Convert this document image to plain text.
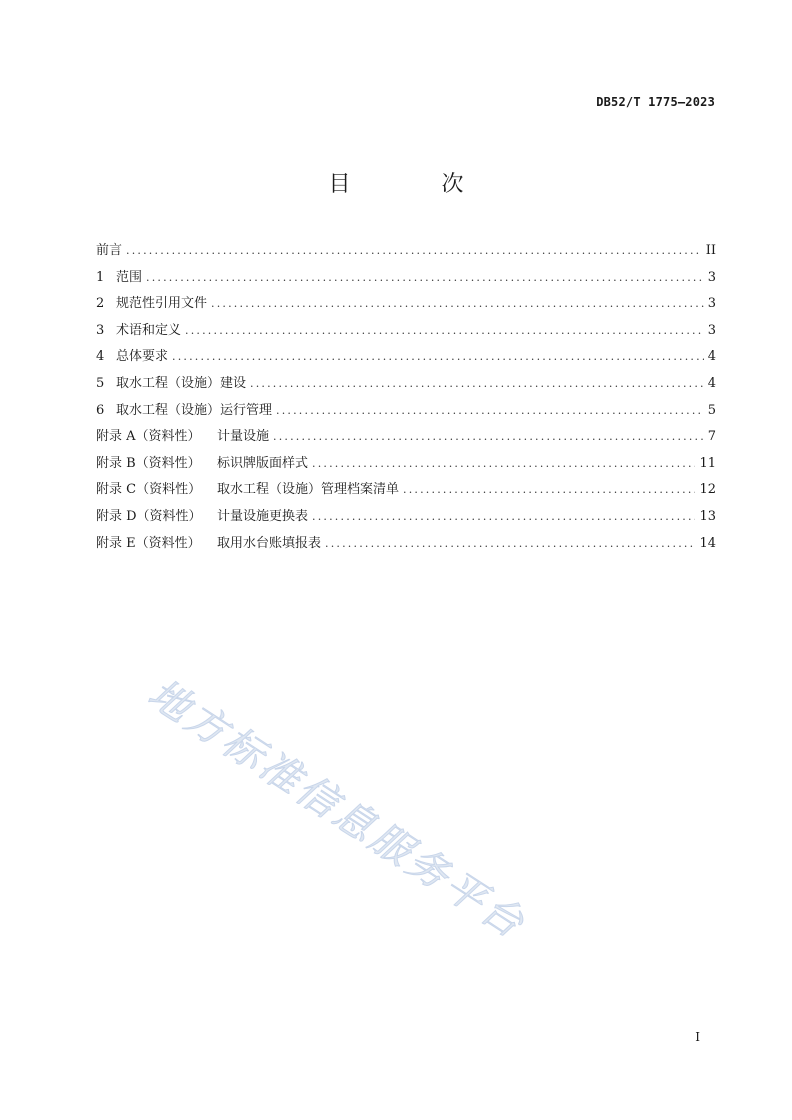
DB52/T 1775—2023
目 次
前言 .....	II
1 范围 .....	3
2 规范性引用文件 .....	3
3 术语和定义 .....	3
4 总体要求 .....	4
5 取水工程（设施）建设 .....	4
6 取水工程（设施）运行管理 .....	5
附录 A（资料性）	计量设施 .....	7
附录 B（资料性）	标识牌版面样式 .....	11
附录 C（资料性）	取水工程（设施）管理档案清单 .....	12
附录 D（资料性）	计量设施更换表 .....	13
附录 E（资料性）	取用水台账填报表 .....	14
地方标准信息服务平台
I
